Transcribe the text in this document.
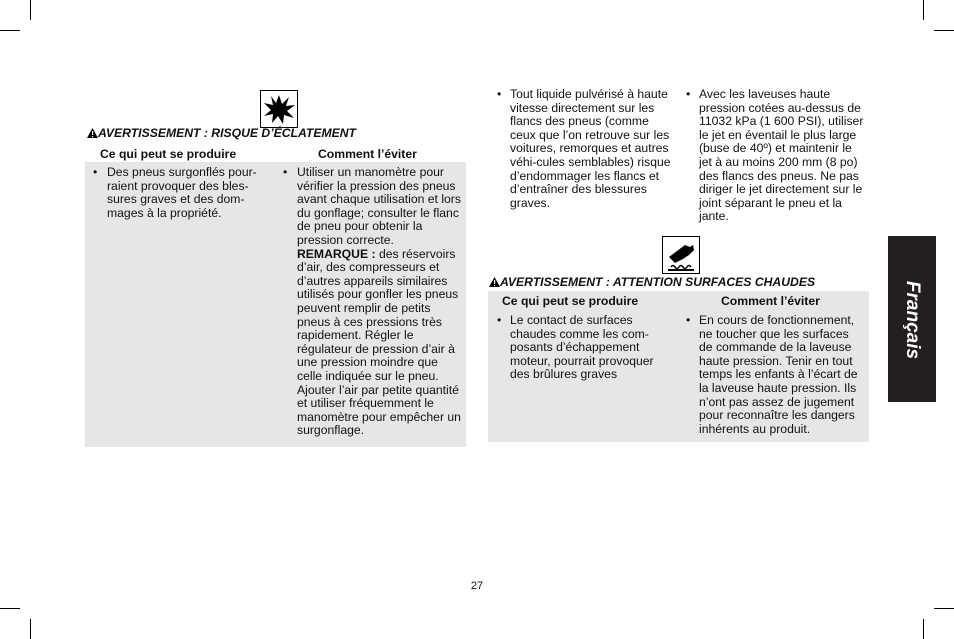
AVERTISSEMENT : RISQUE D’ÉCLATEMENT
Ce qui peut se produire	Comment l’éviter
• Des pneus surgonflés pour-raient provoquer des bles-sures graves et des dom-mages à la propriété.
• Utiliser un manomètre pour vérifier la pression des pneus avant chaque utilisation et lors du gonflage; consulter le flanc de pneu pour obtenir la pression correcte. REMARQUE : des réservoirs d’air, des compresseurs et d’autres appareils similaires utilisés pour gonfler les pneus peuvent remplir de petits pneus à ces pressions très rapidement. Régler le régulateur de pression d’air à une pression moindre que celle indiquée sur le pneu. Ajouter l’air par petite quantité et utiliser fréquemment le manomètre pour empêcher un surgonflage.
• Tout liquide pulvérisé à haute vitesse directement sur les flancs des pneus (comme ceux que l’on retrouve sur les voitures, remorques et autres véhi-cules semblables) risque d’endommager les flancs et d’entraîner des blessures graves.
• Avec les laveuses haute pression cotées au-dessus de 11032 kPa (1 600 PSI), utiliser le jet en éventail le plus large (buse de 40º) et maintenir le jet à au moins 200 mm (8 po) des flancs des pneus. Ne pas diriger le jet directement sur le joint séparant le pneu et la jante.
AVERTISSEMENT : ATTENTION SURFACES CHAUDES
Ce qui peut se produire	Comment l’éviter
• Le contact de surfaces chaudes comme les com-posants d’échappement moteur, pourrait provoquer des brûlures graves
• En cours de fonctionnement, ne toucher que les surfaces de commande de la laveuse haute pression. Tenir en tout temps les enfants à l’écart de la laveuse haute pression. Ils n’ont pas assez de jugement pour reconnaître les dangers inhérents au produit.
Français
27
